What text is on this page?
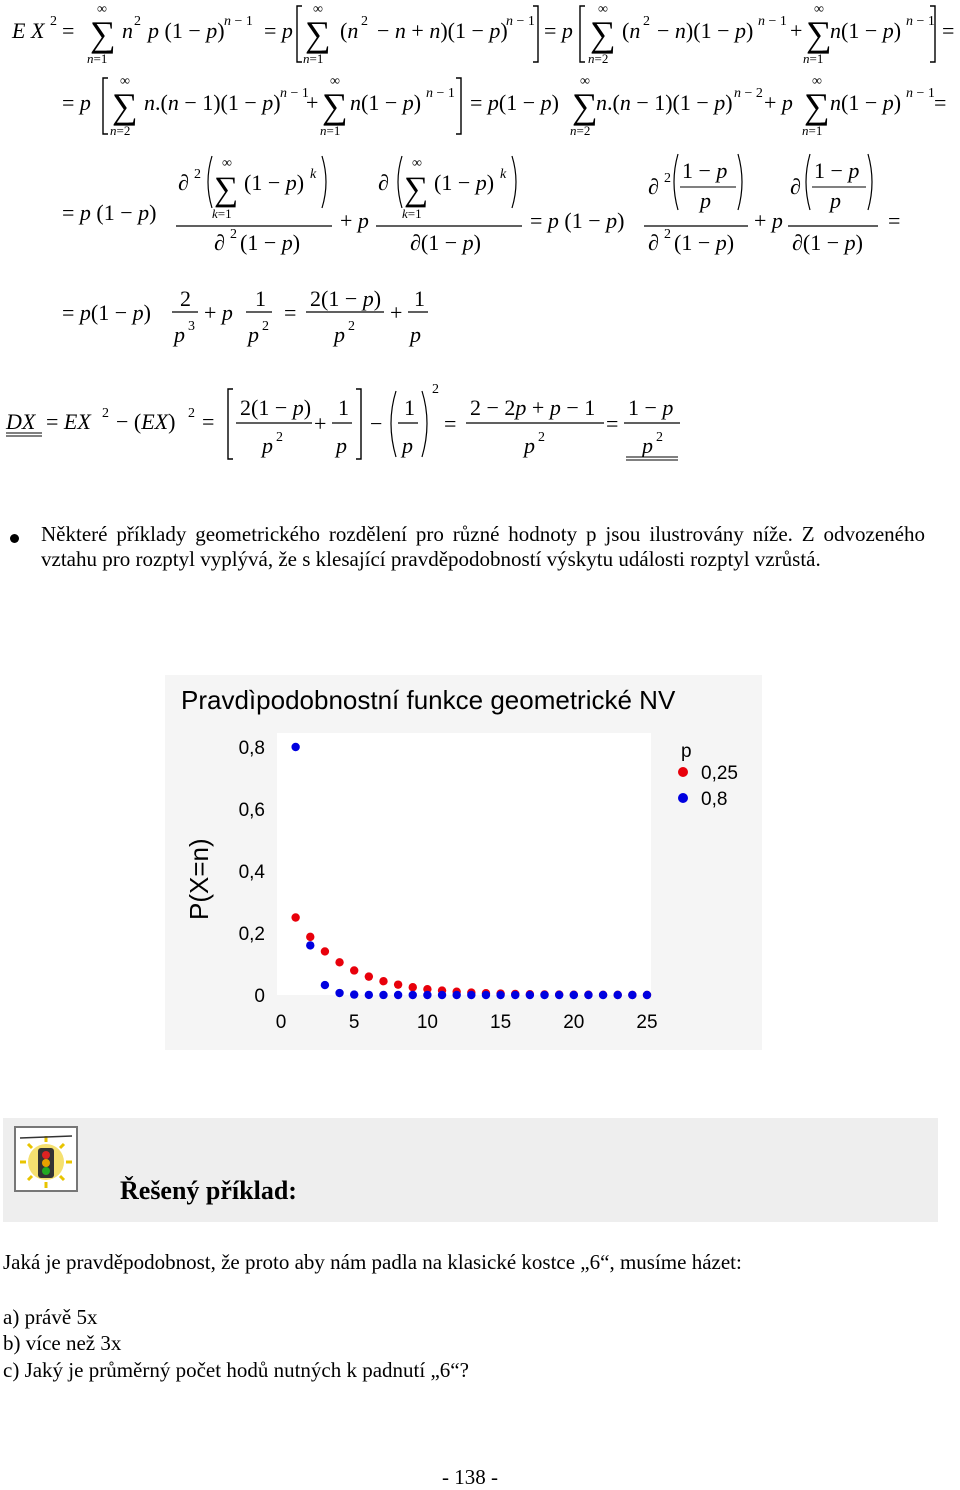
E X 2 = ∑
∞
n=1
n 2 p (1 − p) n − 1 = p ∑
∞
n=1
(n 2 − n + n)(1 − p)
n − 1 = p ∑
∞
n=2
(n 2 − n)(1 − p) n − 1 + ∑
∞
n=1
n(1 − p) n − 1 =
= p ∑
∞
n=2
n.(n − 1)(1 − p) n − 1
+ ∑
∞
n=1
n(1 − p) n − 1 = p(1 − p) ∑
∞
n=2
n.(n − 1)(1 − p) n − 2 + p ∑
∞
n=1
n(1 − p) n − 1 =
= p (1 − p)
∂ 2 ∑
∞
k=1
(1 − p) k
∂ 2 (1 − p)
+ p
∂ ∑
∞
k=1
(1 − p) k
∂(1 − p)
= p (1 − p)
∂ 2 1 − p
p
∂ 2 (1 − p)
+ p
∂
1 − p
p
∂(1 − p)
=
= p(1 − p)
2
p 3
+ p
1
p 2
=
2(1 − p)
p 2
+
1
p
DX = EX 2 − (EX) 2 =
2(1 − p)
p 2
+
1
p
−
1
p
2
=
2 − 2p + p − 1
p 2
=
1 − p
p 2
Některé příklady geometrického rozdělení pro různé hodnoty p jsou ilustrovány níže. Z odvozeného vztahu pro rozptyl vyplývá, že s klesající pravděpodobností výskytu události rozptyl vzrůstá.
Pravdìpodobnostní funkce geometrické NV
P(X=n)
0
0,2
0,4
0,6
0,8
0	5	10	15	20	25
p
0,25
0,8
Řešený příklad:
Jaká je pravděpodobnost, že proto aby nám padla na klasické kostce „6“, musíme házet:
a) právě 5x
b) více než 3x
c) Jaký je průměrný počet hodů nutných k padnutí „6“?
- 138 -
